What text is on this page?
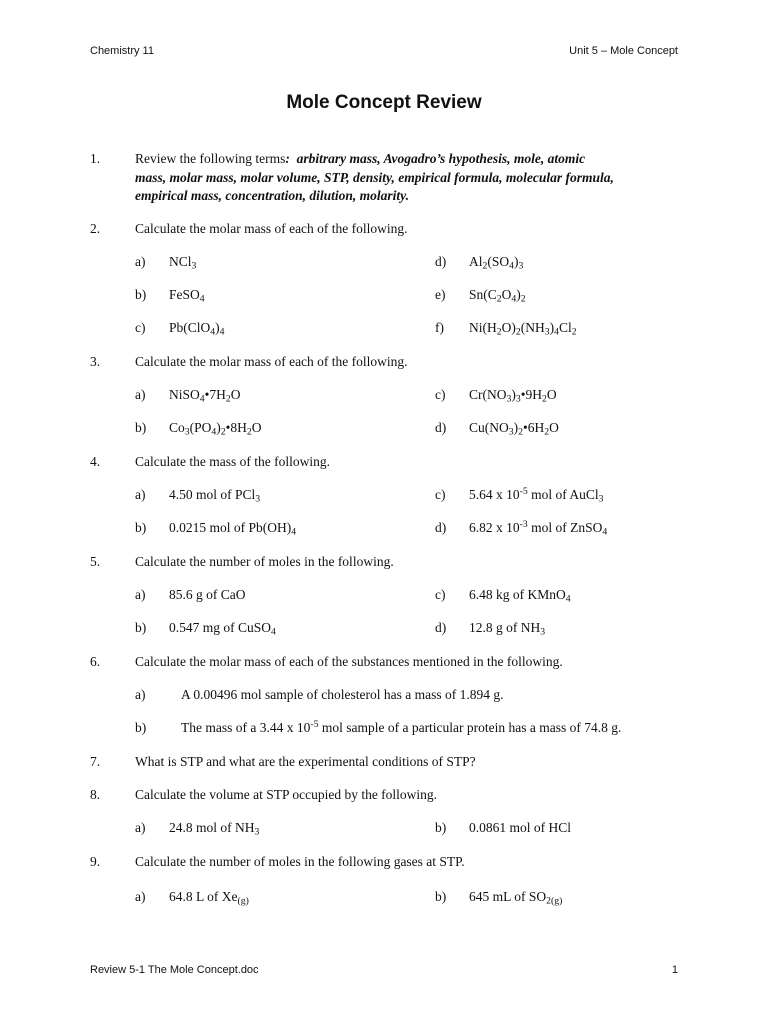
Chemistry 11	Unit 5 – Mole Concept
Mole Concept Review
1.	Review the following terms: arbitrary mass, Avogadro’s hypothesis, mole, atomic
mass, molar mass, molar volume, STP, density, empirical formula, molecular formula,
empirical mass, concentration, dilution, molarity.
2.	Calculate the molar mass of each of the following.
a) NCl$_3$	d) $Al_2(SO_4)_3$
b) FeSO$_4$	e) $Sn(C_2O_4)_2$
c) $Pb(ClO_4)_4$	f) $Ni(H_2O)_2(NH_3)_4Cl_2$
3.	Calculate the molar mass of each of the following.
a) $NiSO_4•7H_2O$	c) $Cr(NO_3)_3•9H_2O$
b) $Co_3(PO_4)_2•8H_2O$	d) $Cu(NO_3)_2•6H_2O$
4.	Calculate the mass of the following.
a) 4.50 mol of PCl$_3$	c) 5.64 x $10^{-5}$ mol of AuCl$_3$
b) 0.0215 mol of $Pb(OH)_4$	d) 6.82 x $10^{-3}$ mol of ZnSO$_4$
5.	Calculate the number of moles in the following.
a) 85.6 g of CaO	c) 6.48 kg of KMnO$_4$
b) 0.547 mg of CuSO$_4$	d) 12.8 g of $NH_3$
6.	Calculate the molar mass of each of the substances mentioned in the following.
a)	A 0.00496 mol sample of cholesterol has a mass of 1.894 g.
b)	The mass of a 3.44 x $10^{-5}$ mol sample of a particular protein has a mass of 74.8 g.
7.	What is STP and what are the experimental conditions of STP?
8.	Calculate the volume at STP occupied by the following.
a) 24.8 mol of $NH_3$	b) 0.0861 mol of HCl
9.	Calculate the number of moles in the following gases at STP.
a) 64.8 L of $Xe_{(g)}$	b) 645 mL of $SO_{2(g)}$
Review 5-1 The Mole Concept.doc	1
